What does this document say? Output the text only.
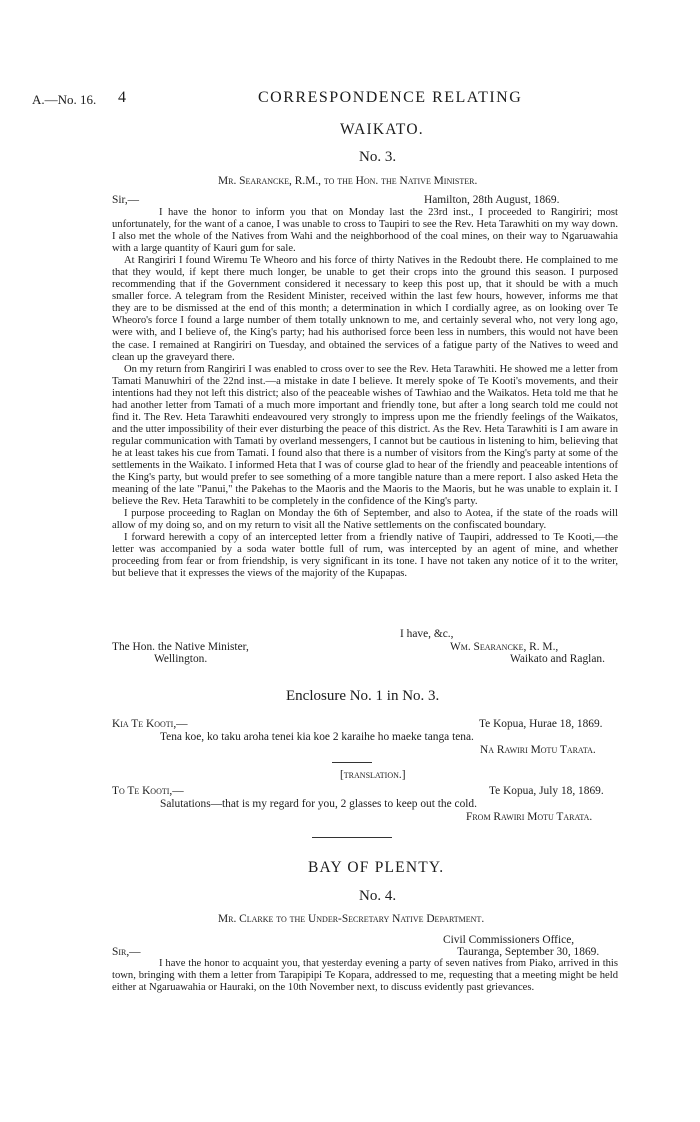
A.—No. 16. 4	CORRESPONDENCE RELATING
WAIKATO.
No. 3.
Mr. Searancke, R.M., to the Hon. the Native Minister.
Sir,—	Hamilton, 28th August, 1869.

I have the honor to inform you that on Monday last the 23rd inst., I proceeded to Rangiriri; most unfortunately, for the want of a canoe, I was unable to cross to Taupiri to see the Rev. Heta Tarawhiti on my way down. I also met the whole of the Natives from Wahi and the neighborhood of the coal mines, on their way to Ngaruawahia with a large quantity of Kauri gum for sale.

At Rangiriri I found Wiremu Te Wheoro and his force of thirty Natives in the Redoubt there. He complained to me that they would, if kept there much longer, be unable to get their crops into the ground this season. I purposed recommending that if the Government considered it necessary to keep this post up, that it should be with a much smaller force. A telegram from the Resident Minister, received within the last few hours, however, informs me that they are to be dismissed at the end of this month; a determination in which I cordially agree, as on looking over Te Wheoro's force I found a large number of them totally unknown to me, and certainly several who, not very long ago, were with, and I believe of, the King's party; had his authorised force been less in numbers, this would not have been the case. I remained at Rangiriri on Tuesday, and obtained the services of a fatigue party of the Natives to weed and clean up the graveyard there.

On my return from Rangiriri I was enabled to cross over to see the Rev. Heta Tarawhiti. He showed me a letter from Tamati Manuwhiri of the 22nd inst.—a mistake in date I believe. It merely spoke of Te Kooti's movements, and their intentions had they not left this district; also of the peaceable wishes of Tawhiao and the Waikatos. Heta told me that he had another letter from Tamati of a much more important and friendly tone, but after a long search told me could not find it. The Rev. Heta Tarawhiti endeavoured very strongly to impress upon me the friendly feelings of the Waikatos, and the utter impossibility of their ever disturbing the peace of this district. As the Rev. Heta Tarawhiti is I am aware in regular communication with Tamati by overland messengers, I cannot but be cautious in listening to him, believing that he at least takes his cue from Tamati. I found also that there is a number of visitors from the King's party at some of the settlements in the Waikato. I informed Heta that I was of course glad to hear of the friendly and peaceable intentions of the King's party, but would prefer to see something of a more tangible nature than a mere report. I also asked Heta the meaning of the late "Panui," the Pakehas to the Maoris and the Maoris to the Maoris, but he was unable to explain it. I believe the Rev. Heta Tarawhiti to be completely in the confidence of the King's party.

I purpose proceeding to Raglan on Monday the 6th of September, and also to Aotea, if the state of the roads will allow of my doing so, and on my return to visit all the Native settlements on the confiscated boundary.

I forward herewith a copy of an intercepted letter from a friendly native of Taupiri, addressed to Te Kooti,—the letter was accompanied by a soda water bottle full of rum, was intercepted by an agent of mine, and whether proceeding from fear or from friendship, is very significant in its tone. I have not taken any notice of it to the writer, but believe that it expresses the views of the majority of the Kupapas.

I have, &c.,
The Hon. the Native Minister,
Wellington.
Wm. Searancke, R. M.,
Waikato and Raglan.
Enclosure No. 1 in No. 3.
Kia Te Kooti,—	Te Kopua, Hurae 18, 1869.
Tena koe, ko taku aroha tenei kia koe 2 karaihe ho maeke tanga tena.
Na Rawiri Motu Tarata.
[translation.]
To Te Kooti,—	Te Kopua, July 18, 1869.
Salutations—that is my regard for you, 2 glasses to keep out the cold.
From Rawiri Motu Tarata.
BAY OF PLENTY.
No. 4.
Mr. Clarke to the Under-Secretary Native Department.
Civil Commissioners Office,
Sir,—	Tauranga, September 30, 1869.

I have the honor to acquaint you, that yesterday evening a party of seven natives from Piako, arrived in this town, bringing with them a letter from Tarapipipi Te Kopara, addressed to me, requesting that a meeting might be held either at Ngaruawahia or Hauraki, on the 10th November next, to discuss evidently past grievances.
